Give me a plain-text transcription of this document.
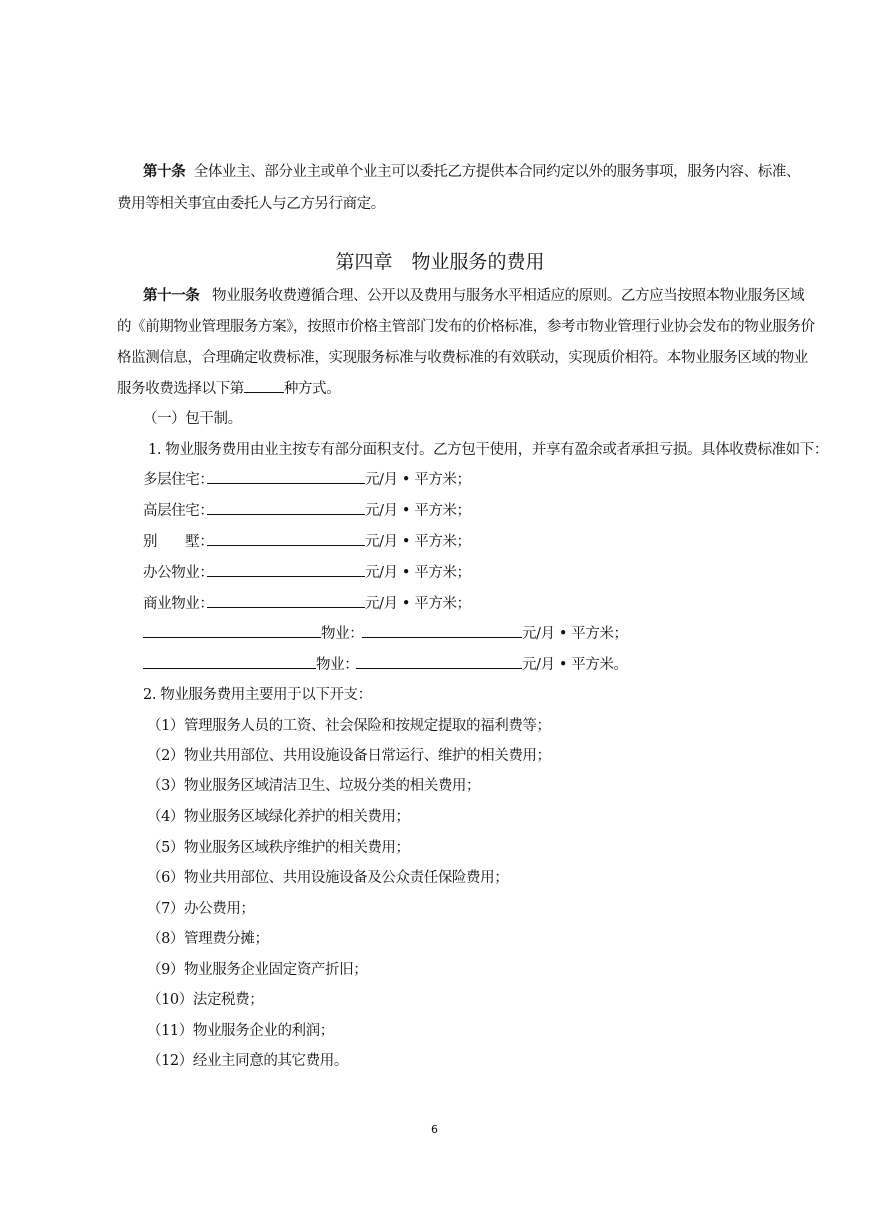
第十条 全体业主、部分业主或单个业主可以委托乙方提供本合同约定以外的服务事项，服务内容、标准、
费用等相关事宜由委托人与乙方另行商定。
第四章　物业服务的费用
第十一条 物业服务收费遵循合理、公开以及费用与服务水平相适应的原则。乙方应当按照本物业服务区域
的《前期物业管理服务方案》，按照市价格主管部门发布的价格标准，参考市物业管理行业协会发布的物业服务价
格监测信息，合理确定收费标准，实现服务标准与收费标准的有效联动，实现质价相符。本物业服务区域的物业
服务收费选择以下第	种方式。
（一）包干制。
1. 物业服务费用由业主按专有部分面积支付。乙方包干使用，并享有盈余或者承担亏损。具体收费标准如下：
多层住宅：	元/月 • 平方米；
高层住宅：	元/月 • 平方米；
别　　墅：	元/月 • 平方米；
办公物业：	元/月 • 平方米；
商业物业：	元/月 • 平方米；
物业：	元/月 • 平方米；
物业：	元/月 • 平方米。
2. 物业服务费用主要用于以下开支：
（1）管理服务人员的工资、社会保险和按规定提取的福利费等；
（2）物业共用部位、共用设施设备日常运行、维护的相关费用；
（3）物业服务区域清洁卫生、垃圾分类的相关费用；
（4）物业服务区域绿化养护的相关费用；
（5）物业服务区域秩序维护的相关费用；
（6）物业共用部位、共用设施设备及公众责任保险费用；
（7）办公费用；
（8）管理费分摊；
（9）物业服务企业固定资产折旧；
（10）法定税费；
（11）物业服务企业的利润；
（12）经业主同意的其它费用。
6
